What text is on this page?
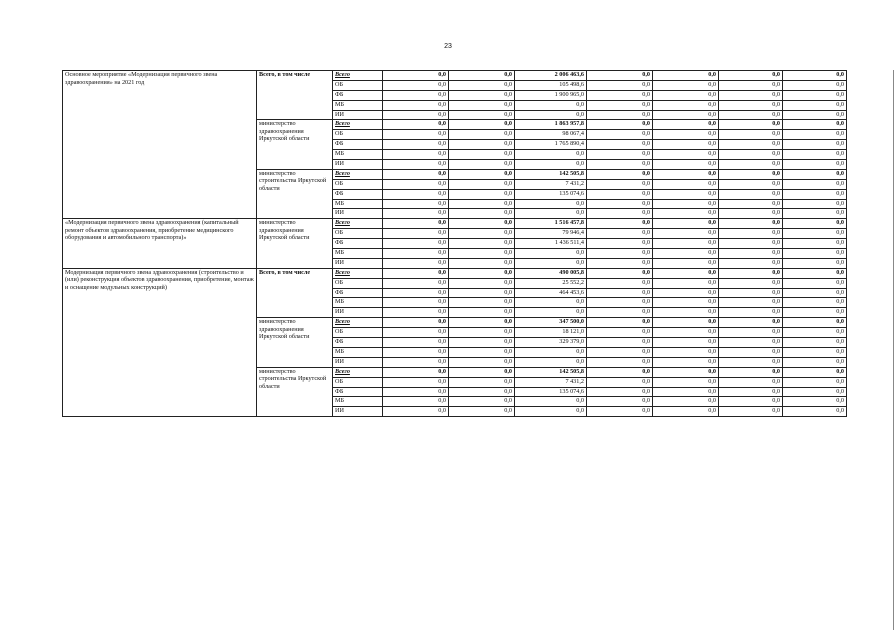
23
Основное мероприятие «Модернизация первичного звена здравоохранения» на 2021 год	Всего, в том числе	Всего	0,0	0,0	2 006 463,6	0,0	0,0	0,0	0,0
		ОБ	0,0	0,0	105 498,6	0,0	0,0	0,0	0,0
		ФБ	0,0	0,0	1 900 965,0	0,0	0,0	0,0	0,0
		МБ	0,0	0,0	0,0	0,0	0,0	0,0	0,0
		ИИ	0,0	0,0	0,0	0,0	0,0	0,0	0,0
	министерство здравоохранения Иркутской области	Всего	0,0	0,0	1 863 957,8	0,0	0,0	0,0	0,0
		ОБ	0,0	0,0	98 067,4	0,0	0,0	0,0	0,0
		ФБ	0,0	0,0	1 765 890,4	0,0	0,0	0,0	0,0
		МБ	0,0	0,0	0,0	0,0	0,0	0,0	0,0
		ИИ	0,0	0,0	0,0	0,0	0,0	0,0	0,0
	министерство строительства Иркутской области	Всего	0,0	0,0	142 505,8	0,0	0,0	0,0	0,0
		ОБ	0,0	0,0	7 431,2	0,0	0,0	0,0	0,0
		ФБ	0,0	0,0	135 074,6	0,0	0,0	0,0	0,0
		МБ	0,0	0,0	0,0	0,0	0,0	0,0	0,0
		ИИ	0,0	0,0	0,0	0,0	0,0	0,0	0,0
«Модернизация первичного звена здравоохранения (капитальный ремонт объектов здравоохранения, приобретение медицинского оборудования и автомобильного транспорта)»	министерство здравоохранения Иркутской области	Всего	0,0	0,0	1 516 457,8	0,0	0,0	0,0	0,0
		ОБ	0,0	0,0	79 946,4	0,0	0,0	0,0	0,0
		ФБ	0,0	0,0	1 436 511,4	0,0	0,0	0,0	0,0
		МБ	0,0	0,0	0,0	0,0	0,0	0,0	0,0
		ИИ	0,0	0,0	0,0	0,0	0,0	0,0	0,0
Модернизация первичного звена здравоохранения (строительство и (или) реконструкция объектов здравоохранения, приобретение, монтаж и оснащение модульных конструкций)	Всего, в том числе	Всего	0,0	0,0	490 005,8	0,0	0,0	0,0	0,0
		ОБ	0,0	0,0	25 552,2	0,0	0,0	0,0	0,0
		ФБ	0,0	0,0	464 453,6	0,0	0,0	0,0	0,0
		МБ	0,0	0,0	0,0	0,0	0,0	0,0	0,0
		ИИ	0,0	0,0	0,0	0,0	0,0	0,0	0,0
	министерство здравоохранения Иркутской области	Всего	0,0	0,0	347 500,0	0,0	0,0	0,0	0,0
		ОБ	0,0	0,0	18 121,0	0,0	0,0	0,0	0,0
		ФБ	0,0	0,0	329 379,0	0,0	0,0	0,0	0,0
		МБ	0,0	0,0	0,0	0,0	0,0	0,0	0,0
		ИИ	0,0	0,0	0,0	0,0	0,0	0,0	0,0
	министерство строительства Иркутской области	Всего	0,0	0,0	142 505,8	0,0	0,0	0,0	0,0
		ОБ	0,0	0,0	7 431,2	0,0	0,0	0,0	0,0
		ФБ	0,0	0,0	135 074,6	0,0	0,0	0,0	0,0
		МБ	0,0	0,0	0,0	0,0	0,0	0,0	0,0
		ИИ	0,0	0,0	0,0	0,0	0,0	0,0	0,0
